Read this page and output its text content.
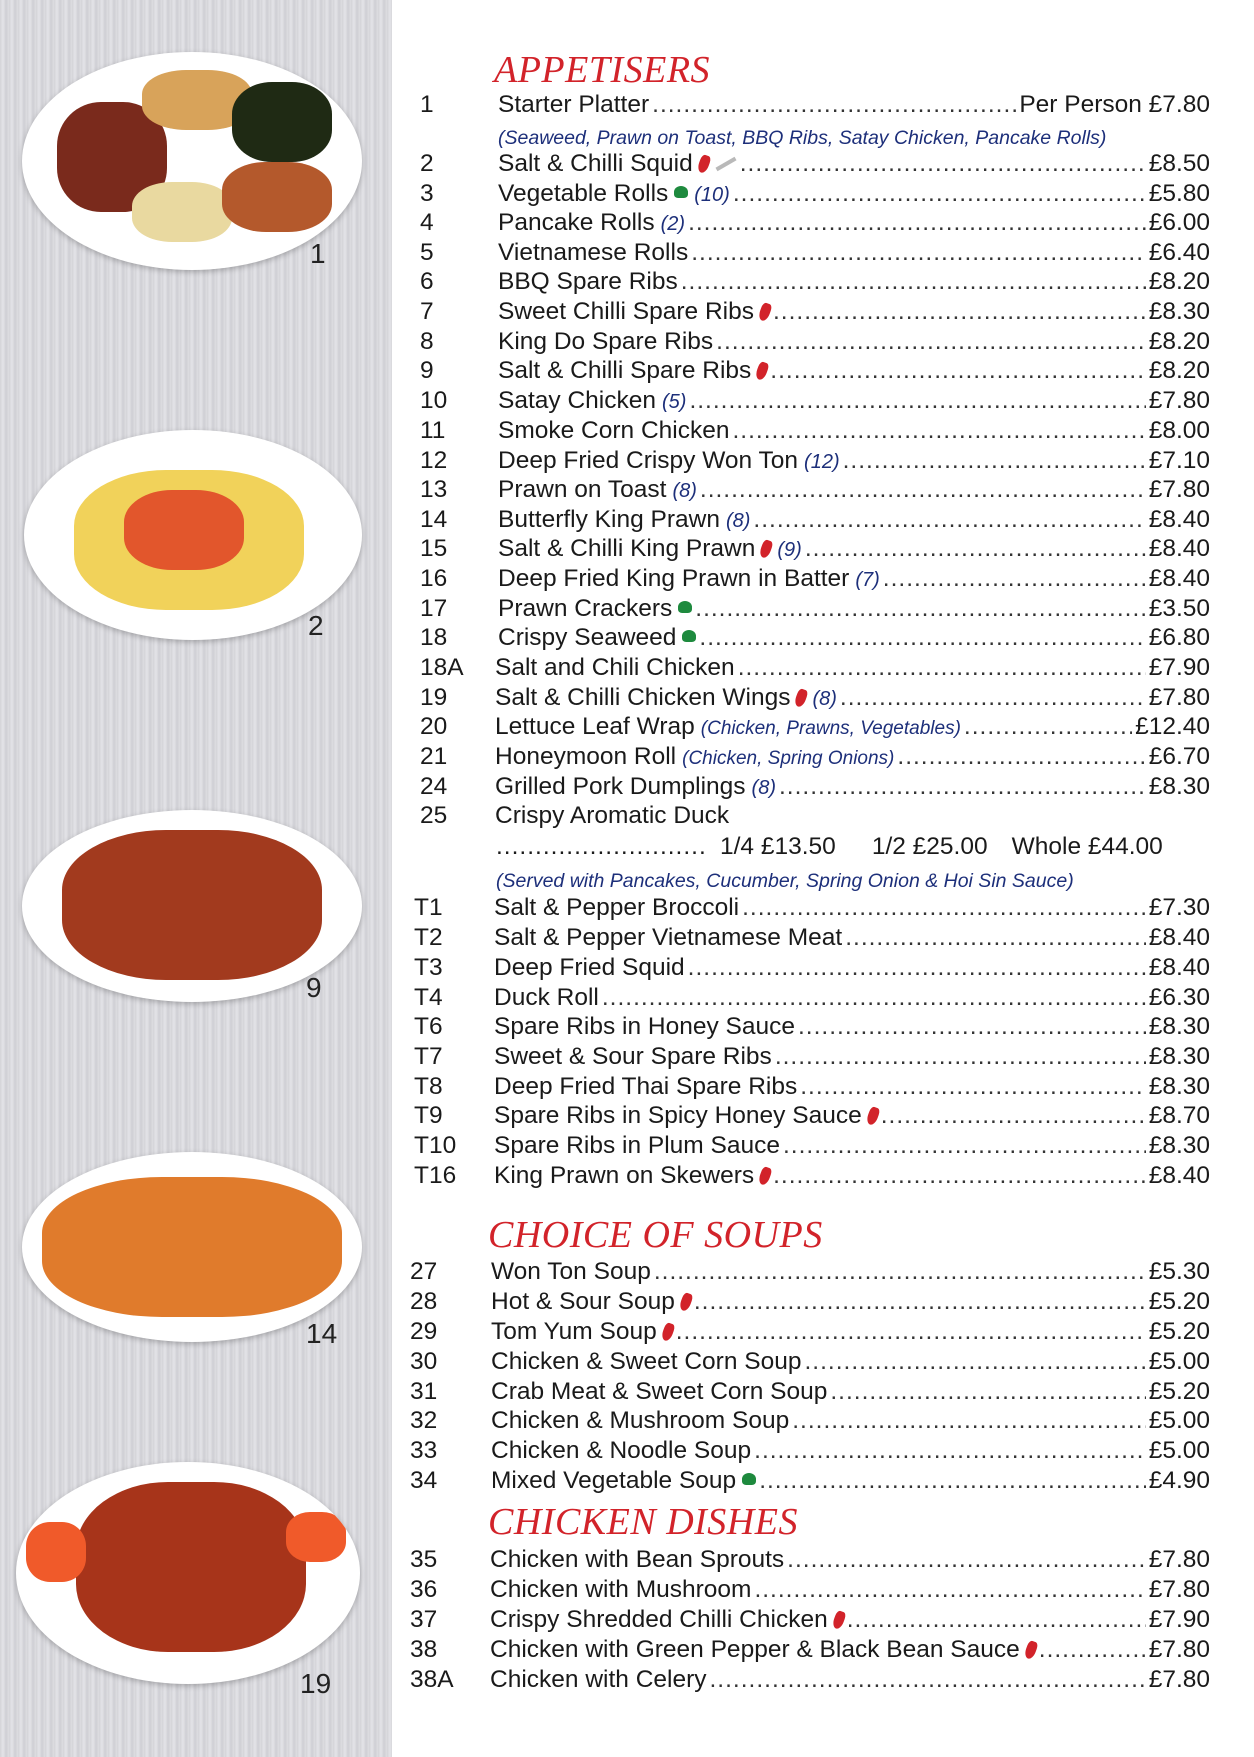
1
2
9
14
19
APPETISERS
1	Starter Platter .....	Per Person £7.80
2	Salt & Chilli Squid .....	£8.50
3	Vegetable Rolls (10) .....	£5.80
4	Pancake Rolls (2) .....	£6.00
5	Vietnamese Rolls .....	£6.40
6	BBQ Spare Ribs .....	£8.20
7	Sweet Chilli Spare Ribs .....	£8.30
8	King Do Spare Ribs .....	£8.20
9	Salt & Chilli Spare Ribs .....	£8.20
10	Satay Chicken (5) .....	£7.80
11	Smoke Corn Chicken .....	£8.00
12	Deep Fried Crispy Won Ton (12) .....	£7.10
13	Prawn on Toast (8) .....	£7.80
14	Butterfly King Prawn (8) .....	£8.40
15	Salt & Chilli King Prawn (9) .....	£8.40
16	Deep Fried King Prawn in Batter (7) .....	£8.40
17	Prawn Crackers .....	£3.50
18	Crispy Seaweed .....	£6.80
18A	Salt and Chili Chicken .....	£7.90
19	Salt & Chilli Chicken Wings (8) .....	£7.80
20	Lettuce Leaf Wrap (Chicken, Prawns, Vegetables) .....	£12.40
21	Honeymoon Roll (Chicken, Spring Onions) .....	£6.70
24	Grilled Pork Dumplings (8) .....	£8.30
25	Crispy Aromatic Duck
(Seaweed, Prawn on Toast, BBQ Ribs, Satay Chicken, Pancake Rolls)
.....
1/4 £13.50 1/2 £25.00 Whole £44.00
(Served with Pancakes, Cucumber, Spring Onion & Hoi Sin Sauce)
T1	Salt & Pepper Broccoli .....	£7.30
T2	Salt & Pepper Vietnamese Meat .....	£8.40
T3	Deep Fried Squid .....	£8.40
T4	Duck Roll .....	£6.30
T6	Spare Ribs in Honey Sauce .....	£8.30
T7	Sweet & Sour Spare Ribs .....	£8.30
T8	Deep Fried Thai Spare Ribs .....	£8.30
T9	Spare Ribs in Spicy Honey Sauce .....	£8.70
T10	Spare Ribs in Plum Sauce .....	£8.30
T16	King Prawn on Skewers .....	£8.40
CHOICE OF SOUPS
27	Won Ton Soup .....	£5.30
28	Hot & Sour Soup .....	£5.20
29	Tom Yum Soup .....	£5.20
30	Chicken & Sweet Corn Soup .....	£5.00
31	Crab Meat & Sweet Corn Soup .....	£5.20
32	Chicken & Mushroom Soup .....	£5.00
33	Chicken & Noodle Soup .....	£5.00
34	Mixed Vegetable Soup .....	£4.90
CHICKEN DISHES
35	Chicken with Bean Sprouts .....	£7.80
36	Chicken with Mushroom .....	£7.80
37	Crispy Shredded Chilli Chicken .....	£7.90
38	Chicken with Green Pepper & Black Bean Sauce .....	£7.80
38A	Chicken with Celery .....	£7.80
